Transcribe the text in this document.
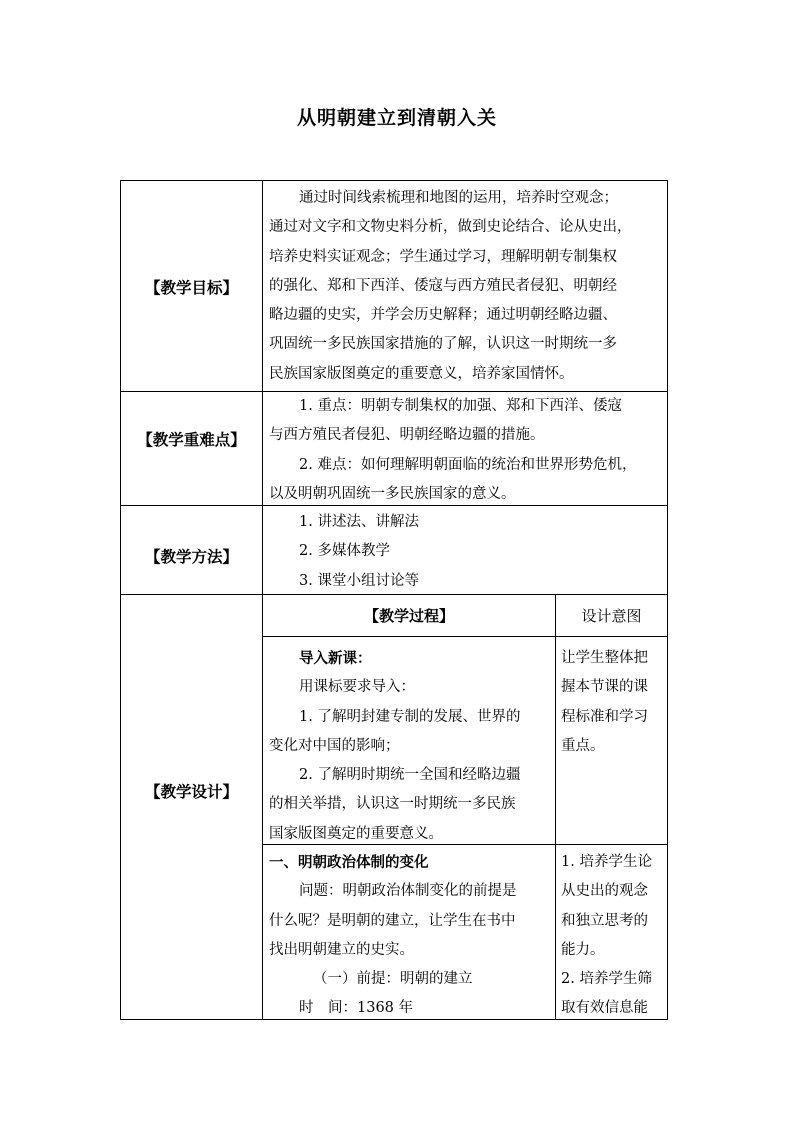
从明朝建立到清朝入关
【教学目标】

通过时间线索梳理和地图的运用，培养时空观念；

通过对文字和文物史料分析，做到史论结合、论从史出，

培养史料实证观念；学生通过学习，理解明朝专制集权

的强化、郑和下西洋、倭寇与西方殖民者侵犯、明朝经

略边疆的史实，并学会历史解释；通过明朝经略边疆、

巩固统一多民族国家措施的了解，认识这一时期统一多

民族国家版图奠定的重要意义，培养家国情怀。

【教学重难点】

1. 重点：明朝专制集权的加强、郑和下西洋、倭寇

与西方殖民者侵犯、明朝经略边疆的措施。

2. 难点：如何理解明朝面临的统治和世界形势危机，

以及明朝巩固统一多民族国家的意义。

【教学方法】

1. 讲述法、讲解法

2. 多媒体教学

3. 课堂小组讨论等

【教学设计】
【教学过程】	设计意图

导入新课：

用课标要求导入：

1. 了解明封建专制的发展、世界的

变化对中国的影响；

2. 了解明时期统一全国和经略边疆

的相关举措，认识这一时期统一多民族

国家版图奠定的重要意义。

让学生整体把

握本节课的课

程标准和学习

重点。

一、明朝政治体制的变化

问题：明朝政治体制变化的前提是

什么呢？是明朝的建立，让学生在书中

找出明朝建立的史实。

（一）前提：明朝的建立

时　间：1368 年

1. 培养学生论

从史出的观念

和独立思考的

能力。

2. 培养学生筛

取有效信息能
